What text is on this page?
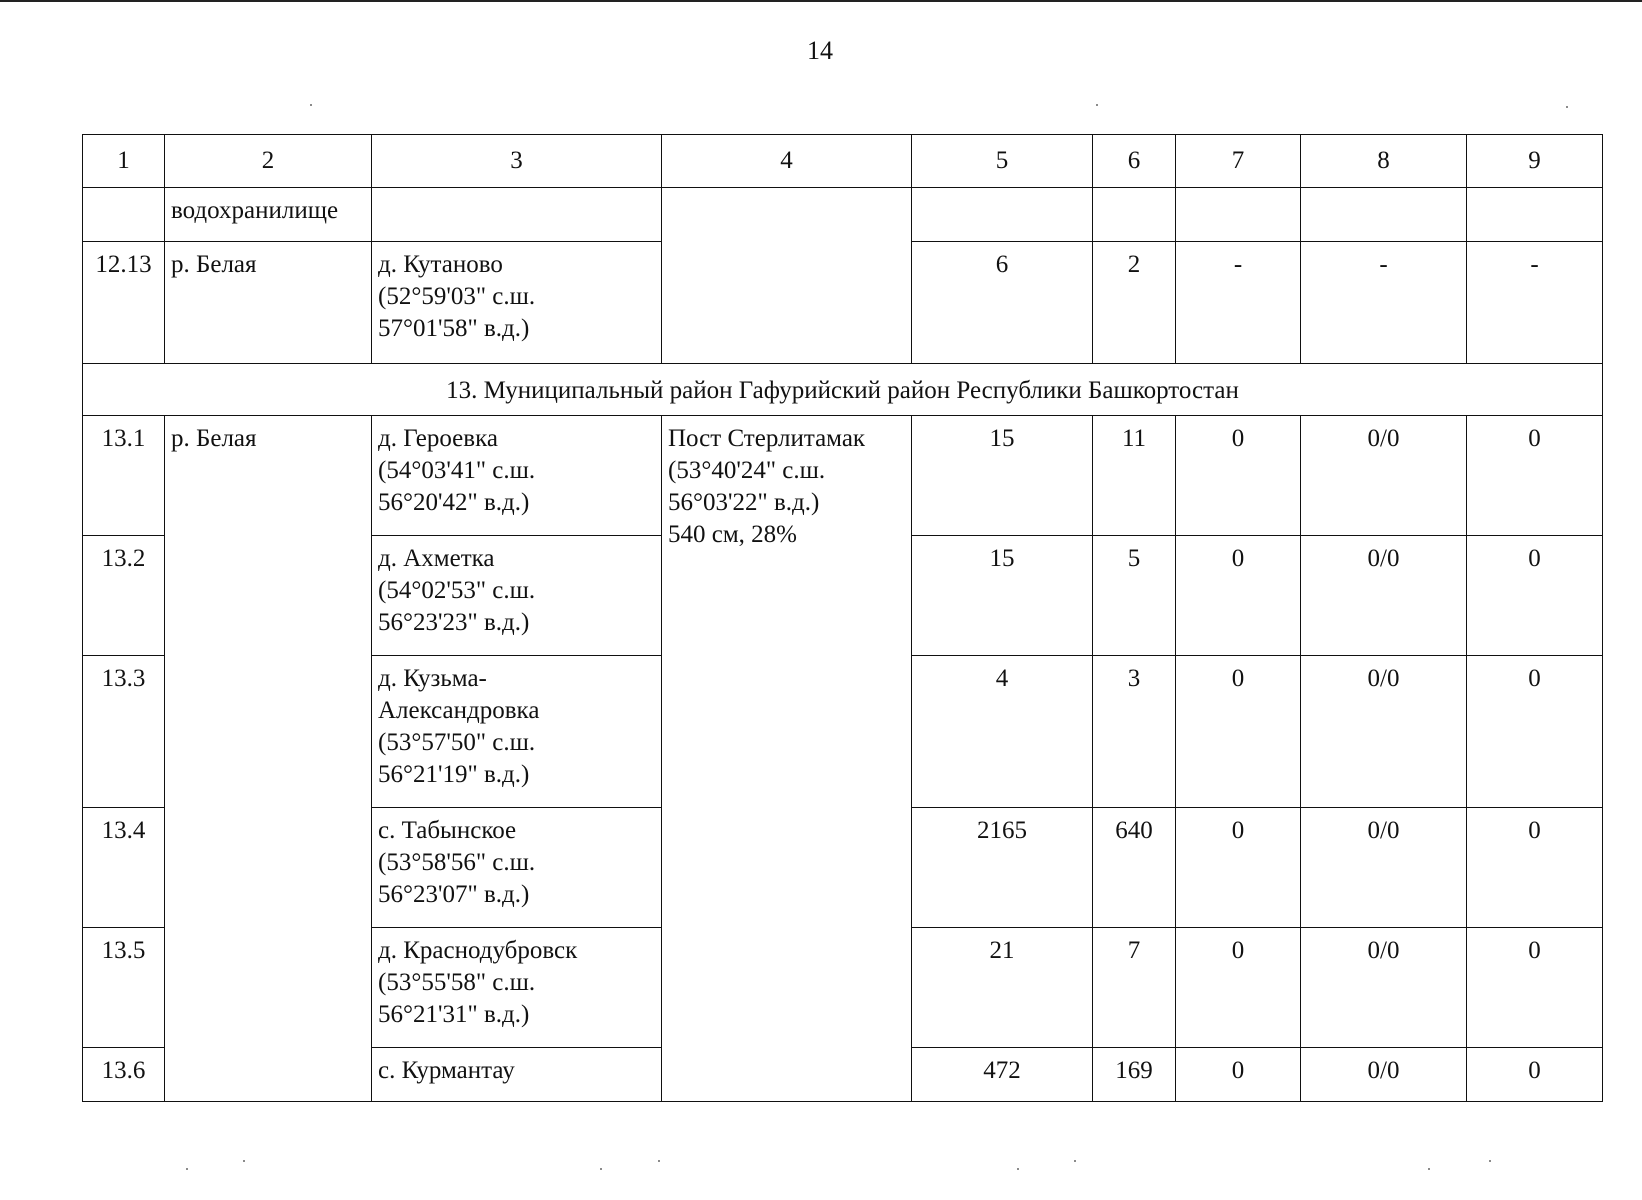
14
1	2	3	4	5	6	7	8	9
	водохранилище							
12.13	р. Белая	д. Кутаново
(52°59'03" с.ш.
57°01'58" в.д.)		6	2	-	-	-
13. Муниципальный район Гафурийский район Республики Башкортостан								
13.1	р. Белая	д. Героевка
(54°03'41" с.ш.
56°20'42" в.д.)	Пост Стерлитамак
(53°40'24" с.ш.
56°03'22" в.д.)
540 см, 28%	15	11	0	0/0	0
13.2		д. Ахметка
(54°02'53" с.ш.
56°23'23" в.д.)		15	5	0	0/0	0
13.3		д. Кузьма-
Александровка
(53°57'50" с.ш.
56°21'19" в.д.)		4	3	0	0/0	0
13.4		с. Табынское
(53°58'56" с.ш.
56°23'07" в.д.)		2165	640	0	0/0	0
13.5		д. Краснодубровск
(53°55'58" с.ш.
56°21'31" в.д.)		21	7	0	0/0	0
13.6		с. Курмантау		472	169	0	0/0	0
